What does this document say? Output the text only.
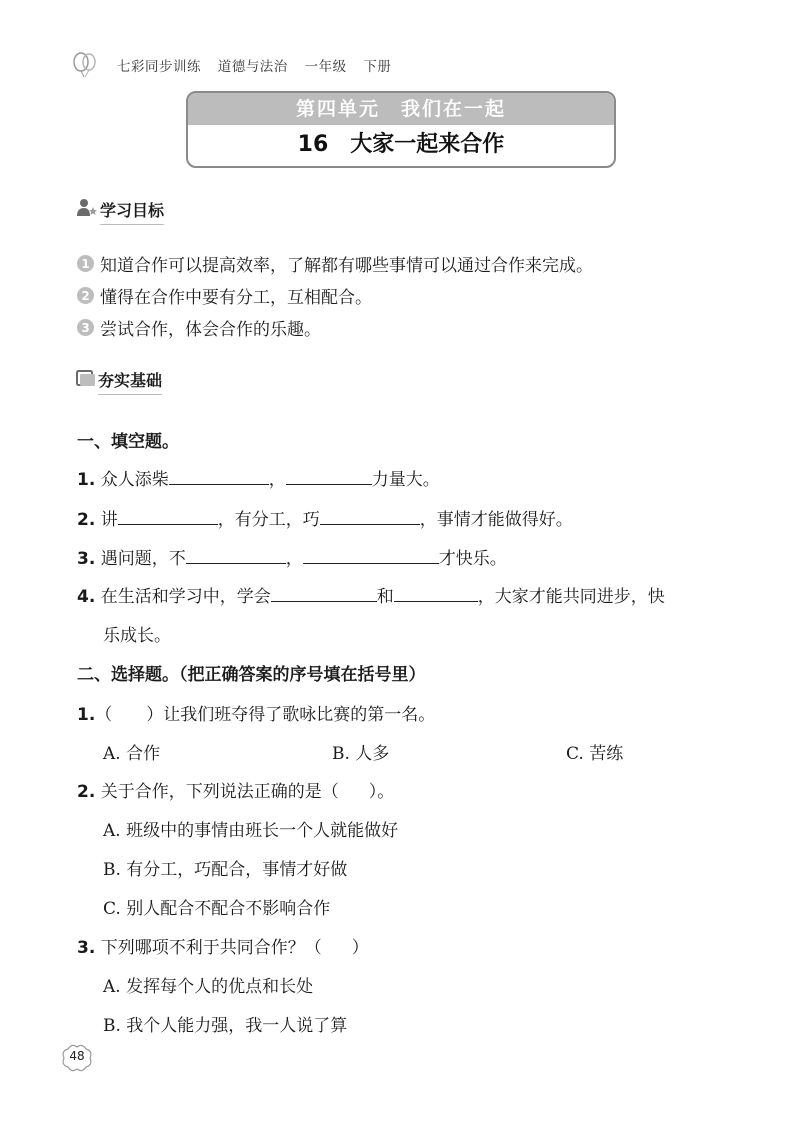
七彩同步训练 道德与法治 一年级 下册
第四单元　我们在一起
16 大家一起来合作
学习目标
1 知道合作可以提高效率，了解都有哪些事情可以通过合作来完成。
2 懂得在合作中要有分工，互相配合。
3 尝试合作，体会合作的乐趣。
夯实基础
一、填空题。
1. 众人添柴	，	力量大。
2. 讲	，有分工，巧	，事情才能做得好。
3. 遇问题，不	，	才快乐。
4. 在生活和学习中，学会	和	，大家才能共同进步，快
乐成长。
二、选择题。（把正确答案的序号填在括号里）
1.（ ）让我们班夺得了歌咏比赛的第一名。
A. 合作	B. 人多	C. 苦练
2. 关于合作，下列说法正确的是（ ）。
A. 班级中的事情由班长一个人就能做好
B. 有分工，巧配合，事情才好做
C. 别人配合不配合不影响合作
3. 下列哪项不利于共同合作？（ ）
A. 发挥每个人的优点和长处
B. 我个人能力强，我一人说了算
48
